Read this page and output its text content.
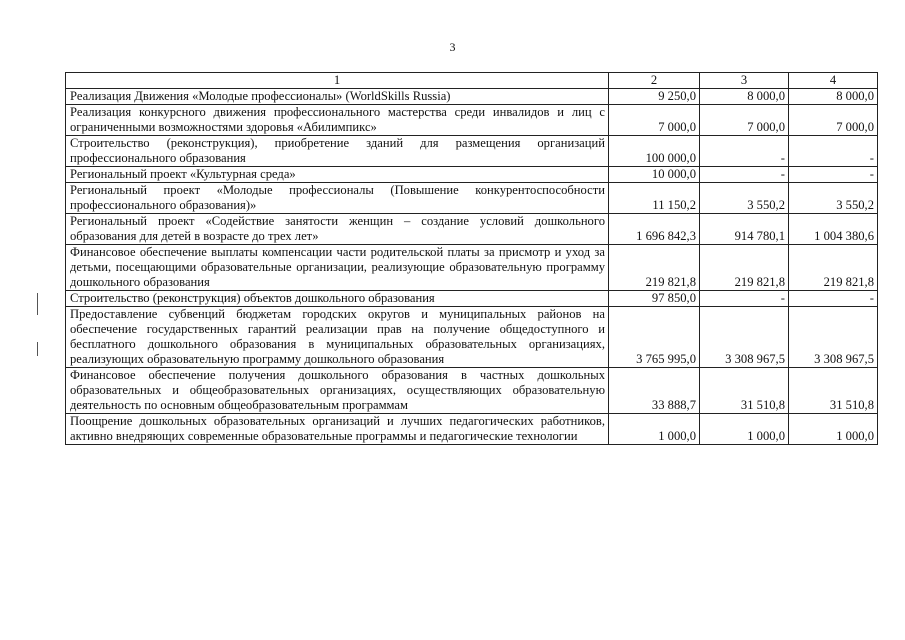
3
1	2	3	4
Реализация Движения «Молодые профессионалы» (WorldSkills Russia)	9 250,0	8 000,0	8 000,0
Реализация конкурсного движения профессионального мастерства среди инвалидов и лиц с ограниченными возможностями здоровья «Абилимпикс»	7 000,0	7 000,0	7 000,0
Строительство (реконструкция), приобретение зданий для размещения организаций профессионального образования	100 000,0	-	-
Региональный проект «Культурная среда»	10 000,0	-	-
Региональный проект «Молодые профессионалы (Повышение конкурентоспособности профессионального образования)»	11 150,2	3 550,2	3 550,2
Региональный проект «Содействие занятости женщин – создание условий дошкольного образования для детей в возрасте до трех лет»	1 696 842,3	914 780,1	1 004 380,6
Финансовое обеспечение выплаты компенсации части родительской платы за присмотр и уход за детьми, посещающими образовательные организации, реализующие образовательную программу дошкольного образования	219 821,8	219 821,8	219 821,8
Строительство (реконструкция) объектов дошкольного образования	97 850,0	-	-
Предоставление субвенций бюджетам городских округов и муниципальных районов на обеспечение государственных гарантий реализации прав на получение общедоступного и бесплатного дошкольного образования в муниципальных образовательных организациях, реализующих образовательную программу дошкольного образования	3 765 995,0	3 308 967,5	3 308 967,5
Финансовое обеспечение получения дошкольного образования в частных дошкольных образовательных и общеобразовательных организациях, осуществляющих образовательную деятельность по основным общеобразовательным программам	33 888,7	31 510,8	31 510,8
Поощрение дошкольных образовательных организаций и лучших педагогических работников, активно внедряющих современные образовательные программы и педагогические технологии	1 000,0	1 000,0	1 000,0
